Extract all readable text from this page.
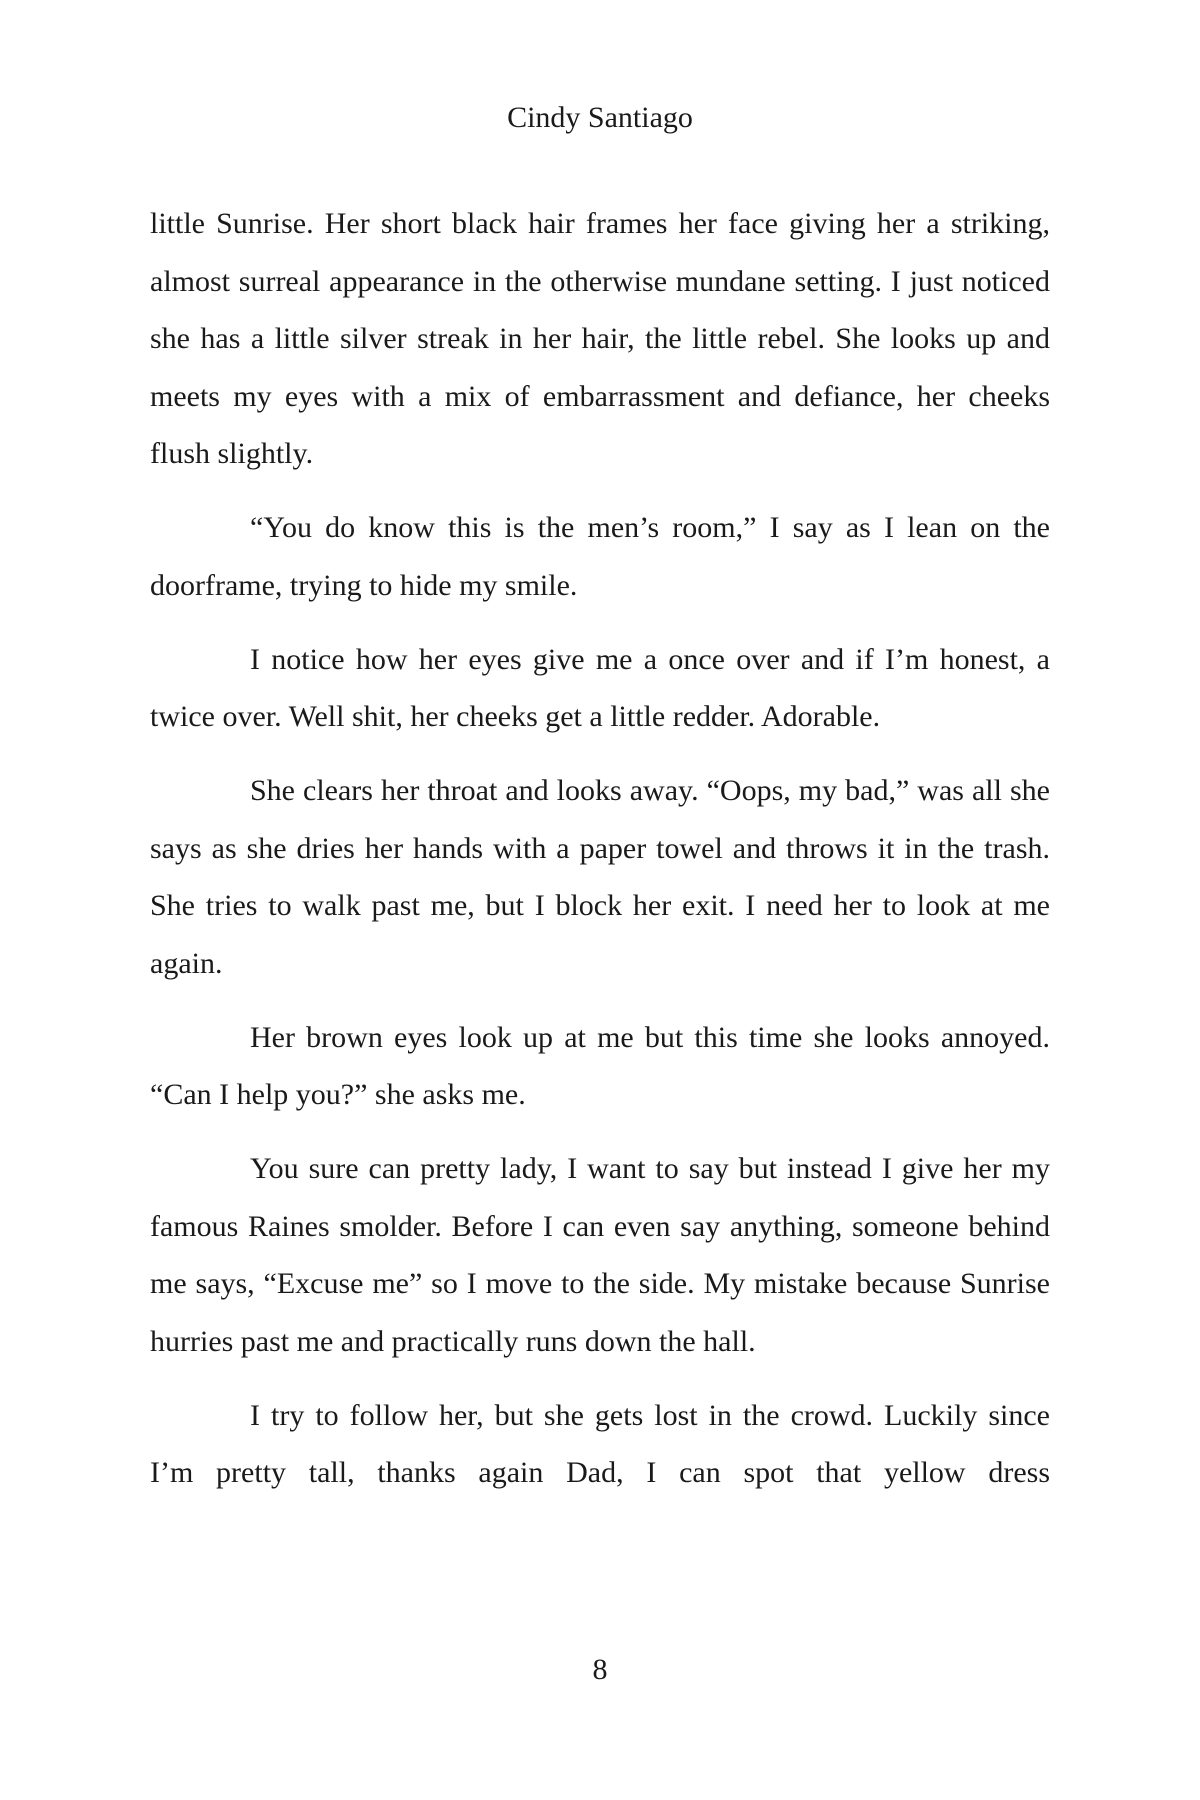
Cindy Santiago

little Sunrise. Her short black hair frames her face giving her a striking, almost surreal appearance in the otherwise mundane setting. I just noticed she has a little silver streak in her hair, the little rebel. She looks up and meets my eyes with a mix of embarrassment and defiance, her cheeks flush slightly.

“You do know this is the men’s room,” I say as I lean on the doorframe, trying to hide my smile.

I notice how her eyes give me a once over and if I’m honest, a twice over. Well shit, her cheeks get a little redder. Adorable.

She clears her throat and looks away. “Oops, my bad,” was all she says as she dries her hands with a paper towel and throws it in the trash. She tries to walk past me, but I block her exit. I need her to look at me again.

Her brown eyes look up at me but this time she looks annoyed. “Can I help you?” she asks me.

You sure can pretty lady, I want to say but instead I give her my famous Raines smolder. Before I can even say anything, someone behind me says, “Excuse me” so I move to the side. My mistake because Sunrise hurries past me and practically runs down the hall.

I try to follow her, but she gets lost in the crowd. Luckily since I’m pretty tall, thanks again Dad, I can spot that yellow dress

8
